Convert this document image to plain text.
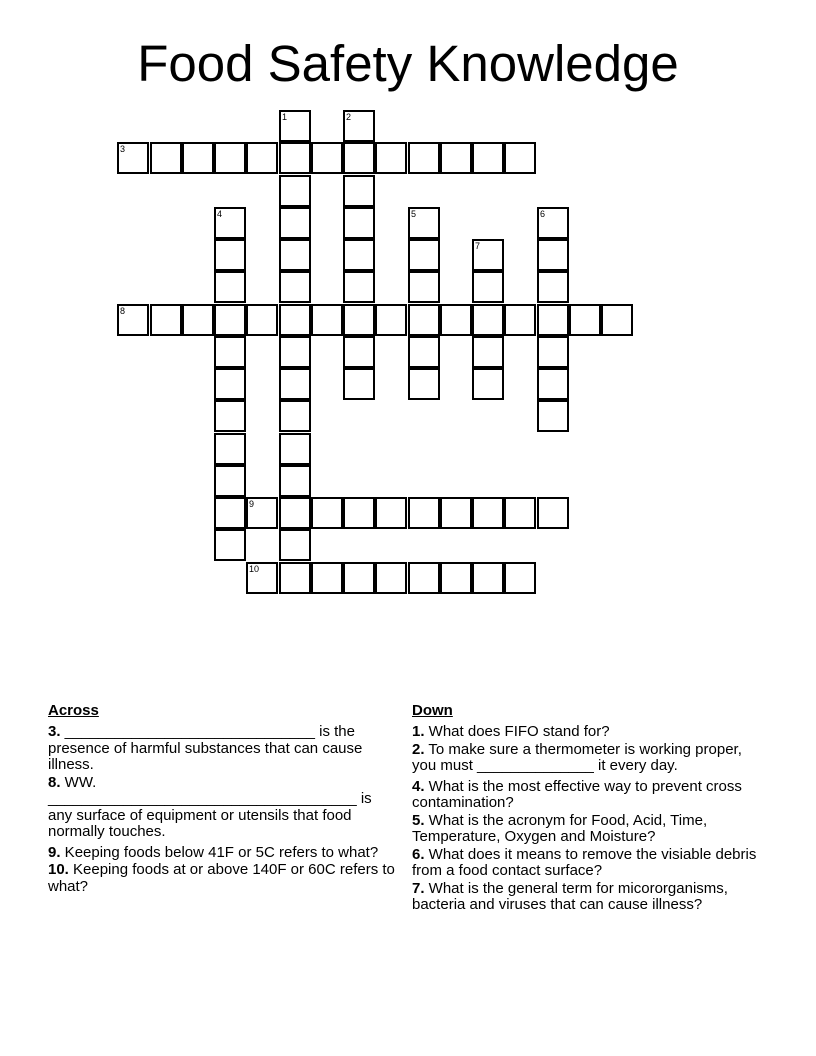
Food Safety Knowledge
1	2
3
4	5	6
7
8
9
10
Across
3. ______________________________ is the presence of harmful substances that can cause illness.
8. WW. _____________________________________ is any surface of equipment or utensils that food normally touches.
9. Keeping foods below 41F or 5C refers to what?
10. Keeping foods at or above 140F or 60C refers to what?
Down
1. What does FIFO stand for?
2. To make sure a thermometer is working proper, you must ______________ it every day.
4. What is the most effective way to prevent cross contamination?
5. What is the acronym for Food, Acid, Time, Temperature, Oxygen and Moisture?
6. What does it means to remove the visiable debris from a food contact surface?
7. What is the general term for micororganisms, bacteria and viruses that can cause illness?
